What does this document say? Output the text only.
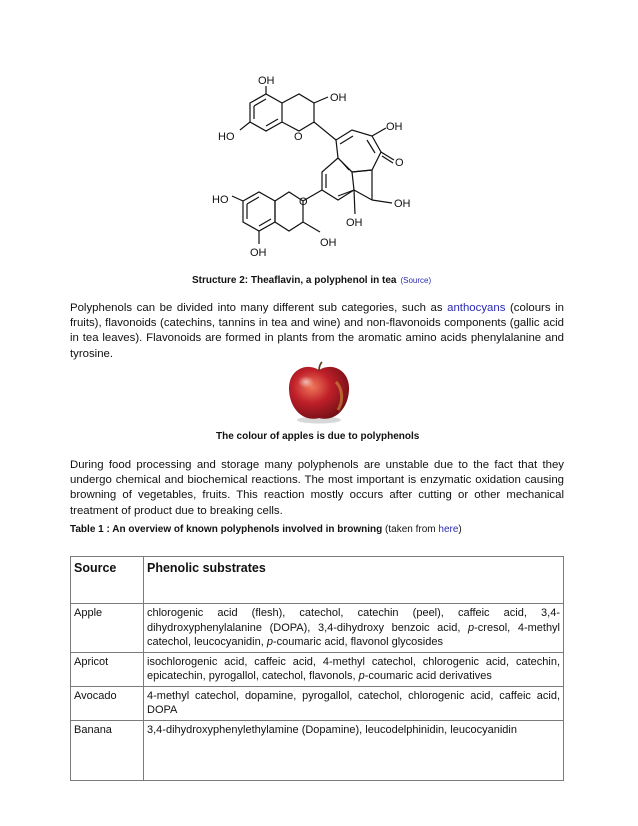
OH
OH
HO	O
OH
O
OH
HO	O
OH
OH
OH
Structure 2: Theaflavin, a polyphenol in tea (Source)
Polyphenols can be divided into many different sub categories, such as anthocyans (colours in fruits), flavonoids (catechins, tannins in tea and wine) and non-flavonoids components (gallic acid in tea leaves). Flavonoids are formed in plants from the aromatic amino acids phenylalanine and tyrosine.
The colour of apples is due to polyphenols
During food processing and storage many polyphenols are unstable due to the fact that they undergo chemical and biochemical reactions. The most important is enzymatic oxidation causing browning of vegetables, fruits. This reaction mostly occurs after cutting or other mechanical treatment of product due to breaking cells.
Table 1 : An overview of known polyphenols involved in browning (taken from here)
Source	Phenolic substrates
Apple	chlorogenic acid (flesh), catechol, catechin (peel), caffeic acid, 3,4-dihydroxyphenylalanine (DOPA), 3,4-dihydroxy benzoic acid, p-cresol, 4-methyl catechol, leucocyanidin, p-coumaric acid, flavonol glycosides
Apricot	isochlorogenic acid, caffeic acid, 4-methyl catechol, chlorogenic acid, catechin, epicatechin, pyrogallol, catechol, flavonols, p-coumaric acid derivatives
Avocado	4-methyl catechol, dopamine, pyrogallol, catechol, chlorogenic acid, caffeic acid, DOPA
Banana	3,4-dihydroxyphenylethylamine (Dopamine), leucodelphinidin, leucocyanidin
